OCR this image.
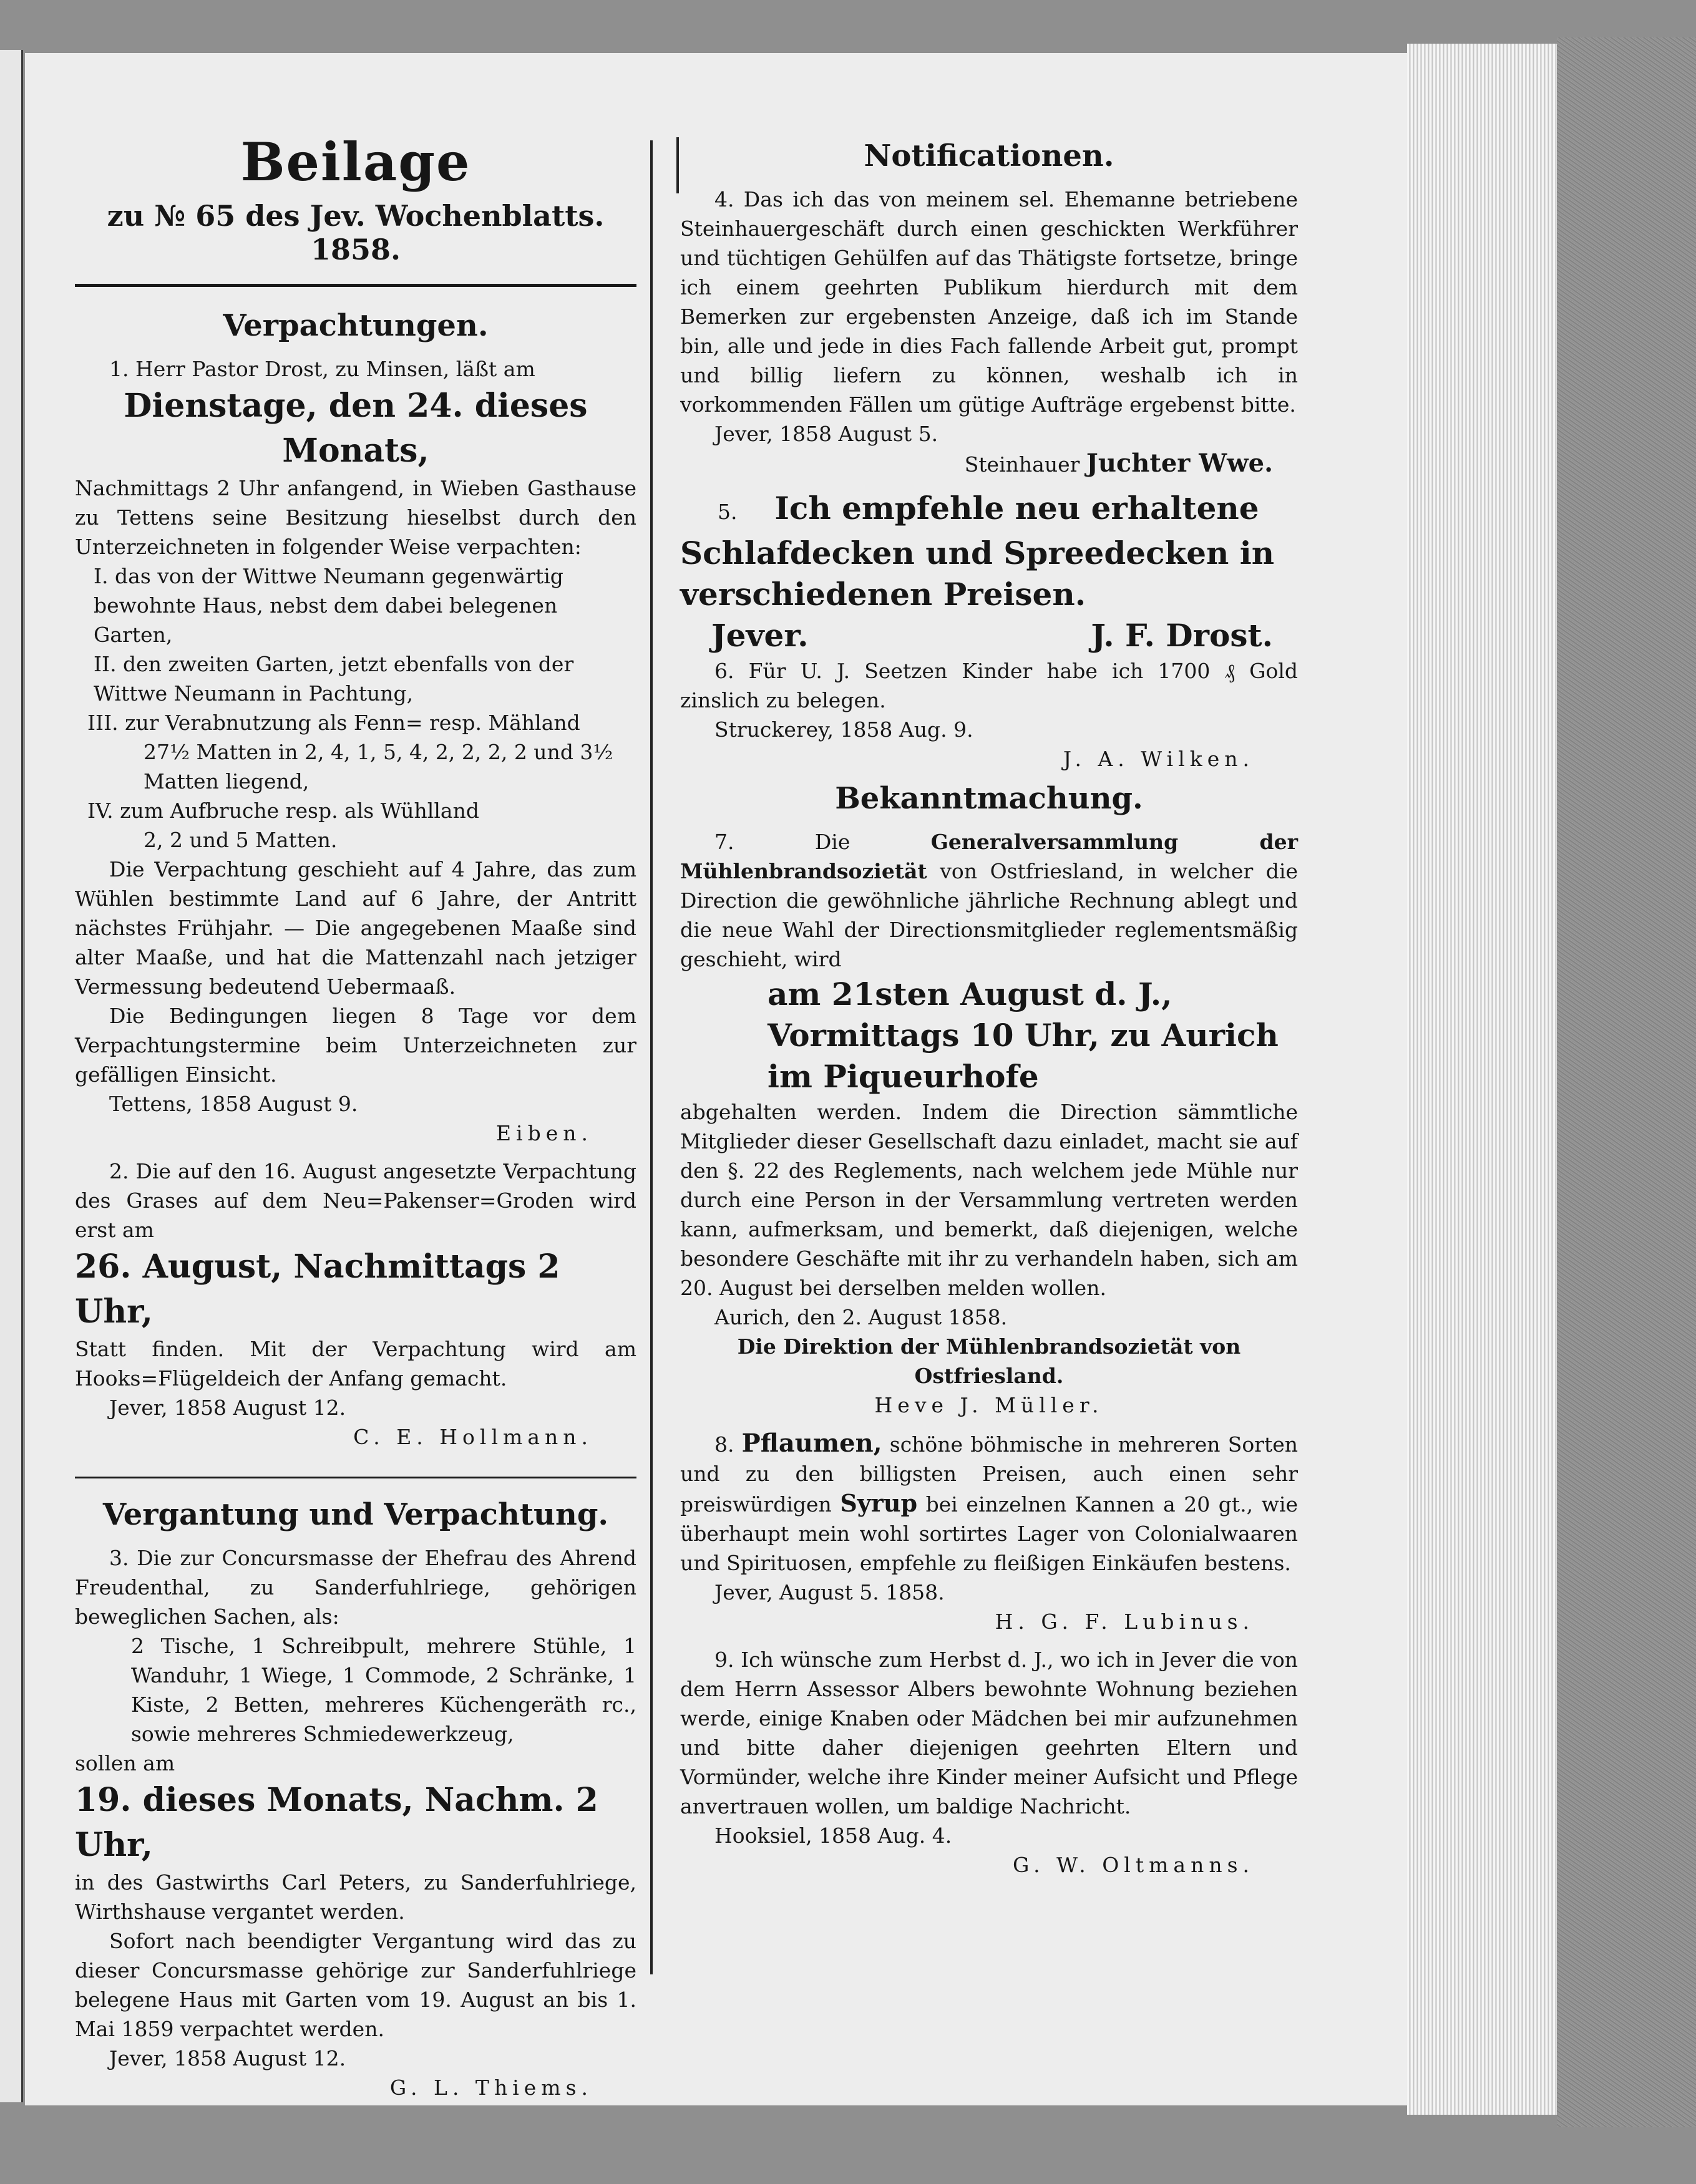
Beilage

zu № 65 des Jev. Wochenblatts. 1858.

Verpachtungen.

1. Herr Pastor Drost, zu Minsen, läßt am

Dienstage, den 24. dieses Monats,

Nachmittags 2 Uhr anfangend, in Wieben Gasthause zu Tettens seine Besitzung hieselbst durch den Unterzeichneten in folgender Weise verpachten:

I. das von der Wittwe Neumann gegenwärtig bewohnte Haus, nebst dem dabei belegenen Garten,

II. den zweiten Garten, jetzt ebenfalls von der Wittwe Neumann in Pachtung,

III. zur Verabnutzung als Fenn= resp. Mähland

27½ Matten in 2, 4, 1, 5, 4, 2, 2, 2, 2 und 3½ Matten liegend,

IV. zum Aufbruche resp. als Wühlland

2, 2 und 5 Matten.

Die Verpachtung geschieht auf 4 Jahre, das zum Wühlen bestimmte Land auf 6 Jahre, der Antritt nächstes Frühjahr. — Die angegebenen Maaße sind alter Maaße, und hat die Mattenzahl nach jetziger Vermessung bedeutend Uebermaaß.

Die Bedingungen liegen 8 Tage vor dem Verpachtungstermine beim Unterzeichneten zur gefälligen Einsicht.

Tettens, 1858 August 9.

Eiben.

2. Die auf den 16. August angesetzte Verpachtung des Grases auf dem Neu=Pakenser=Groden wird erst am

26. August, Nachmittags 2 Uhr,

Statt finden. Mit der Verpachtung wird am Hooks=Flügeldeich der Anfang gemacht.

Jever, 1858 August 12.

C. E. Hollmann.

Vergantung und Verpachtung.

3. Die zur Concursmasse der Ehefrau des Ahrend Freudenthal, zu Sanderfuhlriege, gehörigen beweglichen Sachen, als:

2 Tische, 1 Schreibpult, mehrere Stühle, 1 Wanduhr, 1 Wiege, 1 Commode, 2 Schränke, 1 Kiste, 2 Betten, mehreres Küchengeräth rc., sowie mehreres Schmiedewerkzeug,

sollen am

19. dieses Monats, Nachm. 2 Uhr,

in des Gastwirths Carl Peters, zu Sanderfuhlriege, Wirthshause vergantet werden.

Sofort nach beendigter Vergantung wird das zu dieser Concursmasse gehörige zur Sanderfuhlriege belegene Haus mit Garten vom 19. August an bis 1. Mai 1859 verpachtet werden.

Jever, 1858 August 12.

G. L. Thiems.

Notificationen.

4. Das ich das von meinem sel. Ehemanne betriebene Steinhauergeschäft durch einen geschickten Werkführer und tüchtigen Gehülfen auf das Thätigste fortsetze, bringe ich einem geehrten Publikum hierdurch mit dem Bemerken zur ergebensten Anzeige, daß ich im Stande bin, alle und jede in dies Fach fallende Arbeit gut, prompt und billig liefern zu können, weshalb ich in vorkommenden Fällen um gütige Aufträge ergebenst bitte.

Jever, 1858 August 5.

Steinhauer Juchter Wwe.

5. Ich empfehle neu erhaltene Schlafdecken und Spreedecken in verschiedenen Preisen.

Jever.	J. F. Drost.

6. Für U. J. Seetzen Kinder habe ich 1700 ₰ Gold zinslich zu belegen.

Struckerey, 1858 Aug. 9.

J. A. Wilken.

Bekanntmachung.

7. Die	Generalversammlung der Mühlenbrandsozietät von Ostfriesland, in welcher die Direction die gewöhnliche jährliche Rechnung ablegt und die neue Wahl der Directionsmitglieder reglementsmäßig geschieht, wird

am 21sten August d. J., Vormittags 10 Uhr, zu Aurich im Piqueurhofe

abgehalten werden. Indem die Direction sämmtliche Mitglieder dieser Gesellschaft dazu einladet, macht sie auf den §. 22 des Reglements, nach welchem jede Mühle nur durch eine Person in der Versammlung vertreten werden kann, aufmerksam, und bemerkt, daß diejenigen, welche besondere Geschäfte mit ihr zu verhandeln haben, sich am 20. August bei derselben melden wollen.

Aurich, den 2. August 1858.

Die Direktion der Mühlenbrandsozietät von Ostfriesland.

Heve J. Müller.

8. Pflaumen, schöne böhmische in mehreren Sorten und zu den billigsten Preisen, auch einen sehr preiswürdigen Syrup bei einzelnen Kannen a 20 gt., wie überhaupt mein wohl sortirtes Lager von Colonialwaaren und Spirituosen, empfehle zu fleißigen Einkäufen bestens.

Jever, August 5. 1858.

H. G. F. Lubinus.

9. Ich wünsche zum Herbst d. J., wo ich in Jever die von dem Herrn Assessor Albers bewohnte Wohnung beziehen werde, einige Knaben oder Mädchen bei mir aufzunehmen und bitte daher diejenigen geehrten Eltern und Vormünder, welche ihre Kinder meiner Aufsicht und Pflege anvertrauen wollen, um baldige Nachricht.

Hooksiel, 1858 Aug. 4.

G. W. Oltmanns.
